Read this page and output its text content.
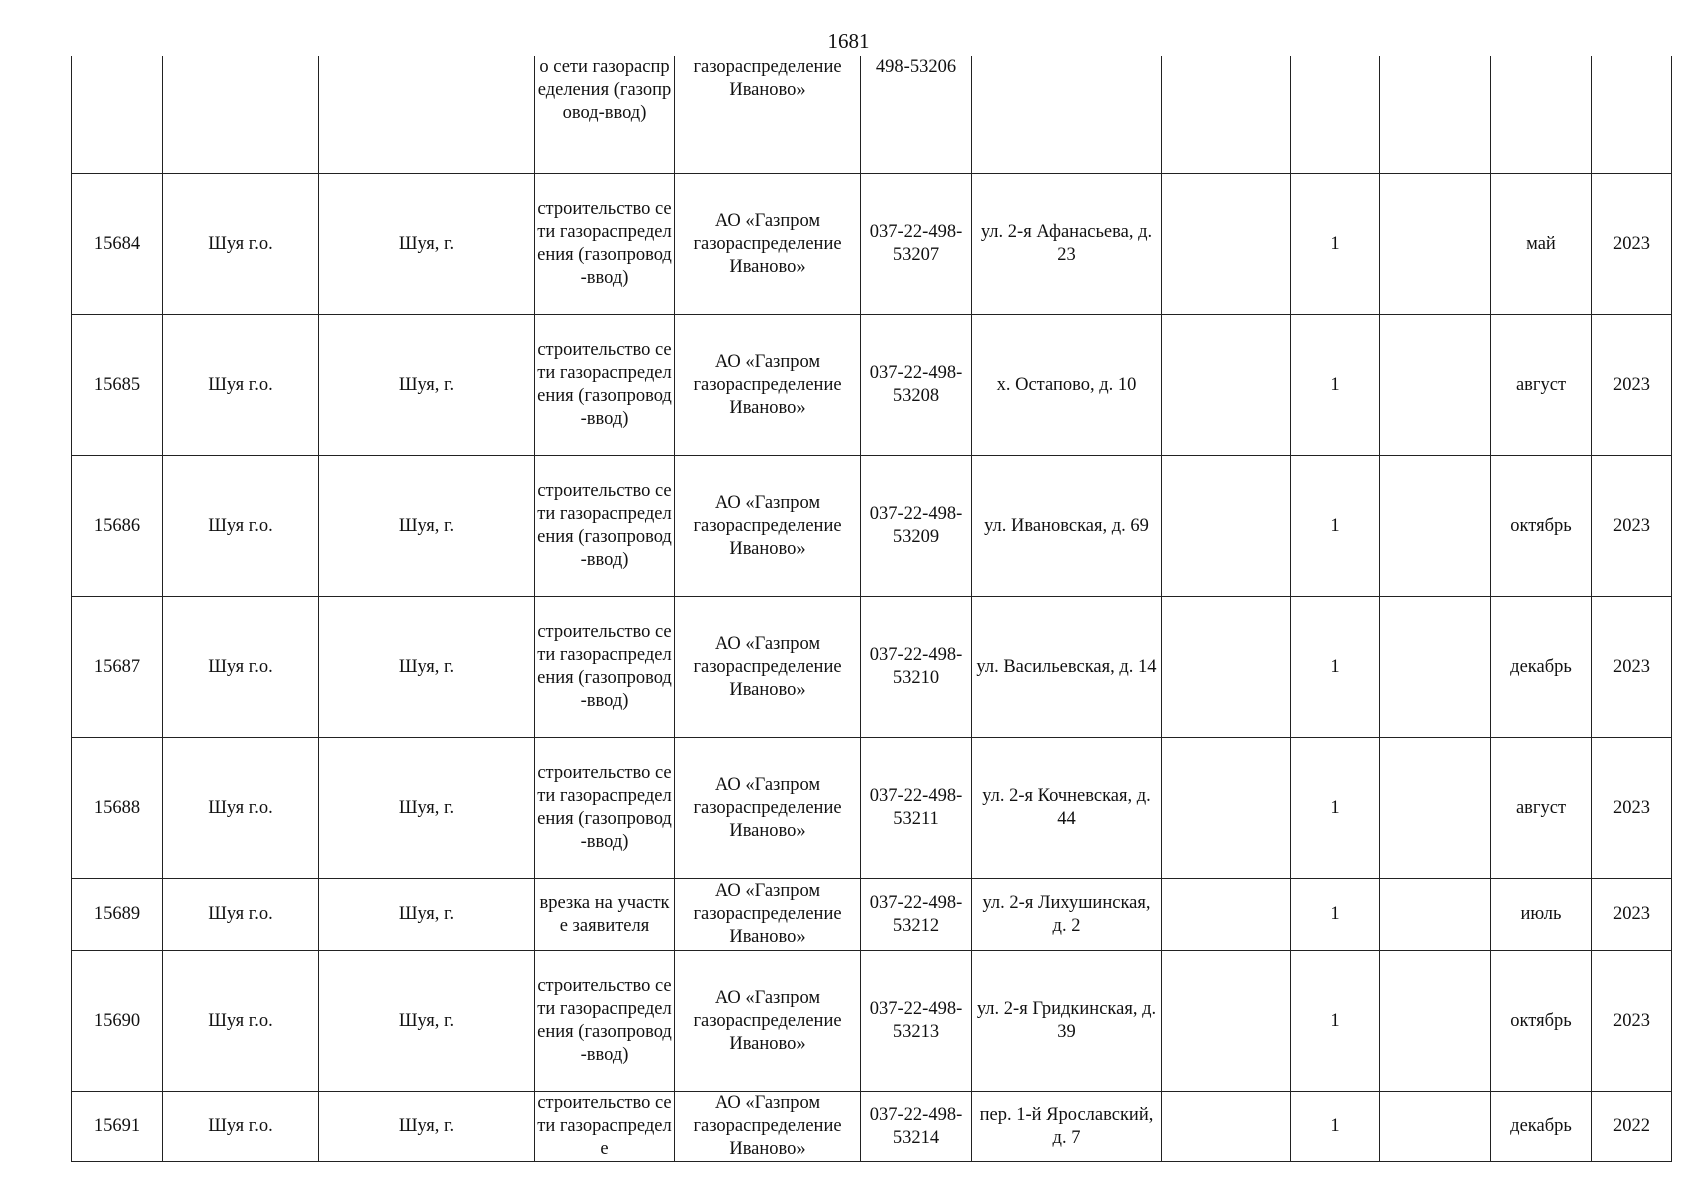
1681
			о сети газораспределения (газопровод-ввод)	газораспределение Иваново»	498-53206						
15684	Шуя г.о.	Шуя, г.	строительство сети газораспределения (газопровод-ввод)	АО «Газпром газораспределение Иваново»	037-22-498-53207	ул. 2-я Афанасьева, д. 23		1		май	2023
15685	Шуя г.о.	Шуя, г.	строительство сети газораспределения (газопровод-ввод)	АО «Газпром газораспределение Иваново»	037-22-498-53208	х. Остапово, д. 10		1		август	2023
15686	Шуя г.о.	Шуя, г.	строительство сети газораспределения (газопровод-ввод)	АО «Газпром газораспределение Иваново»	037-22-498-53209	ул. Ивановская, д. 69		1		октябрь	2023
15687	Шуя г.о.	Шуя, г.	строительство сети газораспределения (газопровод-ввод)	АО «Газпром газораспределение Иваново»	037-22-498-53210	ул. Васильевская, д. 14		1		декабрь	2023
15688	Шуя г.о.	Шуя, г.	строительство сети газораспределения (газопровод-ввод)	АО «Газпром газораспределение Иваново»	037-22-498-53211	ул. 2-я Кочневская, д. 44		1		август	2023
15689	Шуя г.о.	Шуя, г.	врезка на участке заявителя	АО «Газпром газораспределение Иваново»	037-22-498-53212	ул. 2-я Лихушинская, д. 2		1		июль	2023
15690	Шуя г.о.	Шуя, г.	строительство сети газораспределения (газопровод-ввод)	АО «Газпром газораспределение Иваново»	037-22-498-53213	ул. 2-я Гридкинская, д. 39		1		октябрь	2023
15691	Шуя г.о.	Шуя, г.	строительство сети газораспределе	АО «Газпром газораспределение Иваново»	037-22-498-53214	пер. 1-й Ярославский, д. 7		1		декабрь	2022
